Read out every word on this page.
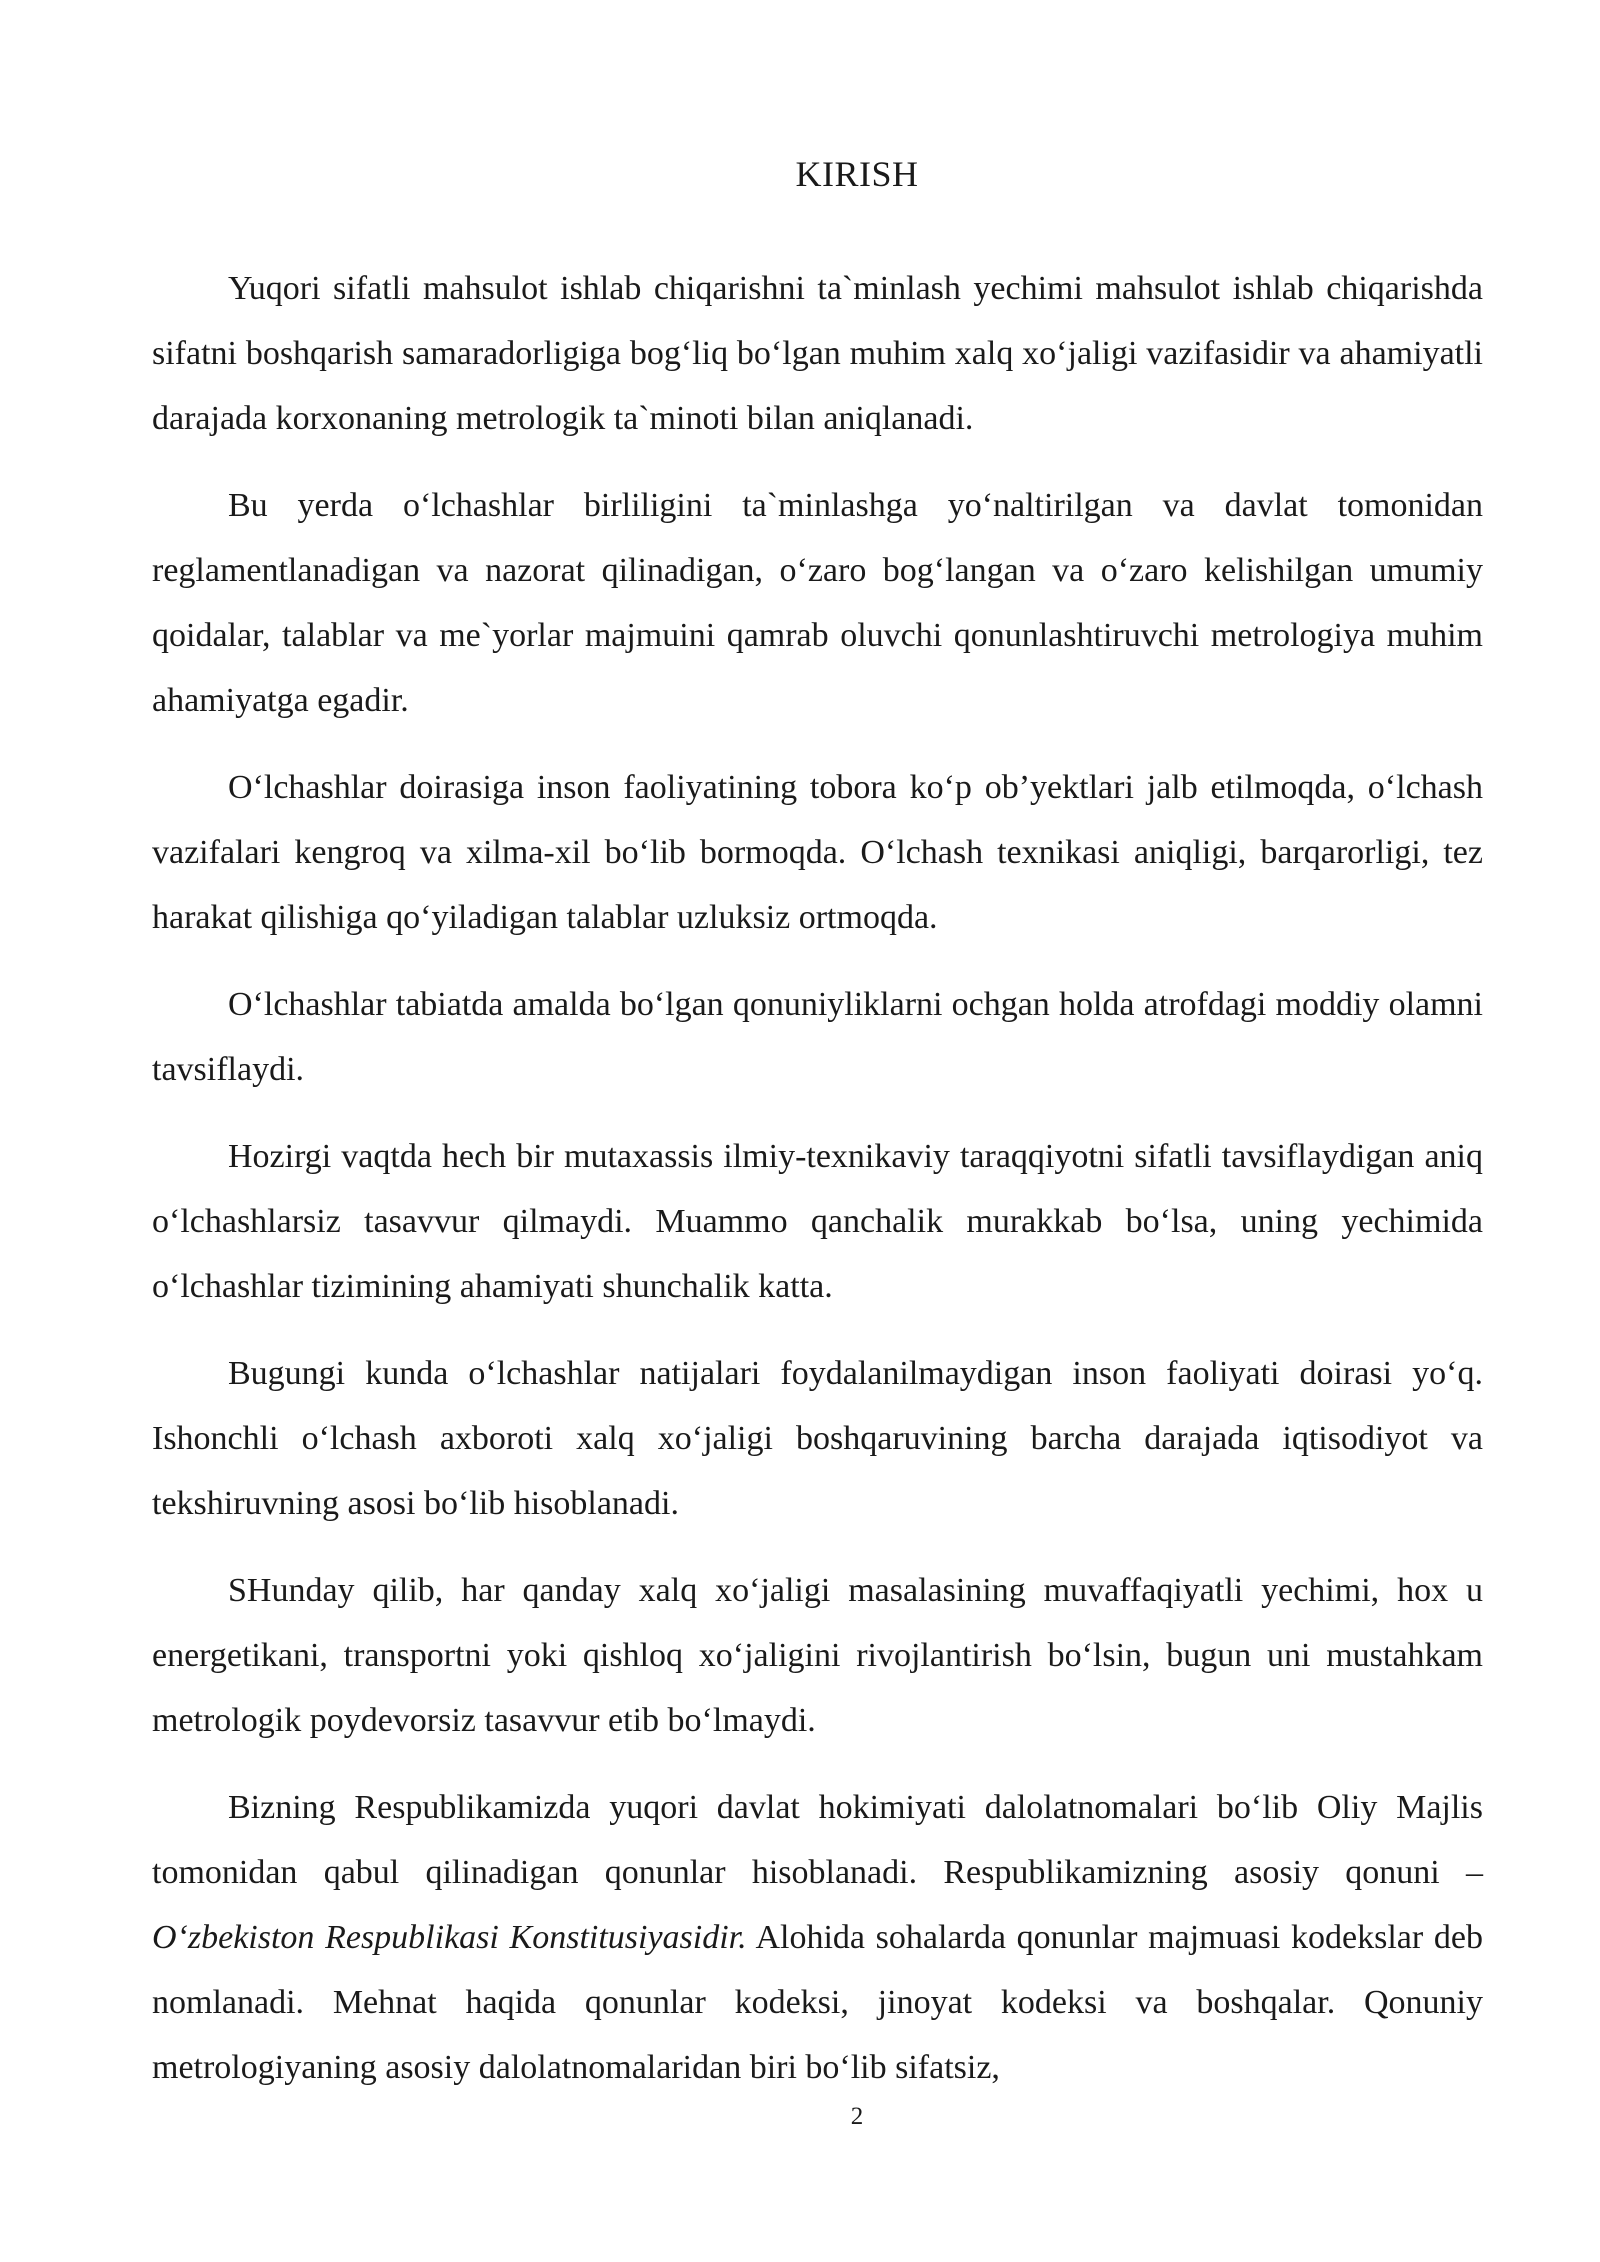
KIRISH

Yuqori sifatli mahsulot ishlab chiqarishni ta`minlash yechimi mahsulot ishlab chiqarishda sifatni boshqarish samaradorligiga bog‘liq bo‘lgan muhim xalq xo‘jaligi vazifasidir va ahamiyatli darajada korxonaning metrologik ta`minoti bilan aniqlanadi.

Bu yerda o‘lchashlar birliligini ta`minlashga yo‘naltirilgan va davlat tomonidan reglamentlanadigan va nazorat qilinadigan, o‘zaro bog‘langan va o‘zaro kelishilgan umumiy qoidalar, talablar va me`yorlar majmuini qamrab oluvchi qonunlashtiruvchi metrologiya muhim ahamiyatga egadir.

O‘lchashlar doirasiga inson faoliyatining tobora ko‘p ob’yektlari jalb etilmoqda, o‘lchash vazifalari kengroq va xilma-xil bo‘lib bormoqda. O‘lchash texnikasi aniqligi, barqarorligi, tez harakat qilishiga qo‘yiladigan talablar uzluksiz ortmoqda.

O‘lchashlar tabiatda amalda bo‘lgan qonuniyliklarni ochgan holda atrofdagi moddiy olamni tavsiflaydi.

Hozirgi vaqtda hech bir mutaxassis ilmiy-texnikaviy taraqqiyotni sifatli tavsiflaydigan aniq o‘lchashlarsiz tasavvur qilmaydi. Muammo qanchalik murakkab bo‘lsa, uning yechimida o‘lchashlar tizimining ahamiyati shunchalik katta.

Bugungi kunda o‘lchashlar natijalari foydalanilmaydigan inson faoliyati doirasi yo‘q. Ishonchli o‘lchash axboroti xalq xo‘jaligi boshqaruvining barcha darajada iqtisodiyot va tekshiruvning asosi bo‘lib hisoblanadi.

SHunday qilib, har qanday xalq xo‘jaligi masalasining muvaffaqiyatli yechimi, hox u energetikani, transportni yoki qishloq xo‘jaligini rivojlantirish bo‘lsin, bugun uni mustahkam metrologik poydevorsiz tasavvur etib bo‘lmaydi.

Bizning Respublikamizda yuqori davlat hokimiyati dalolatnomalari bo‘lib Oliy Majlis tomonidan qabul qilinadigan qonunlar hisoblanadi. Respublikamizning asosiy qonuni – O‘zbekiston Respublikasi Konstitusiyasidir. Alohida sohalarda qonunlar majmuasi kodekslar deb nomlanadi. Mehnat haqida qonunlar kodeksi, jinoyat kodeksi va boshqalar. Qonuniy metrologiyaning asosiy dalolatnomalaridan biri bo‘lib sifatsiz,

2
